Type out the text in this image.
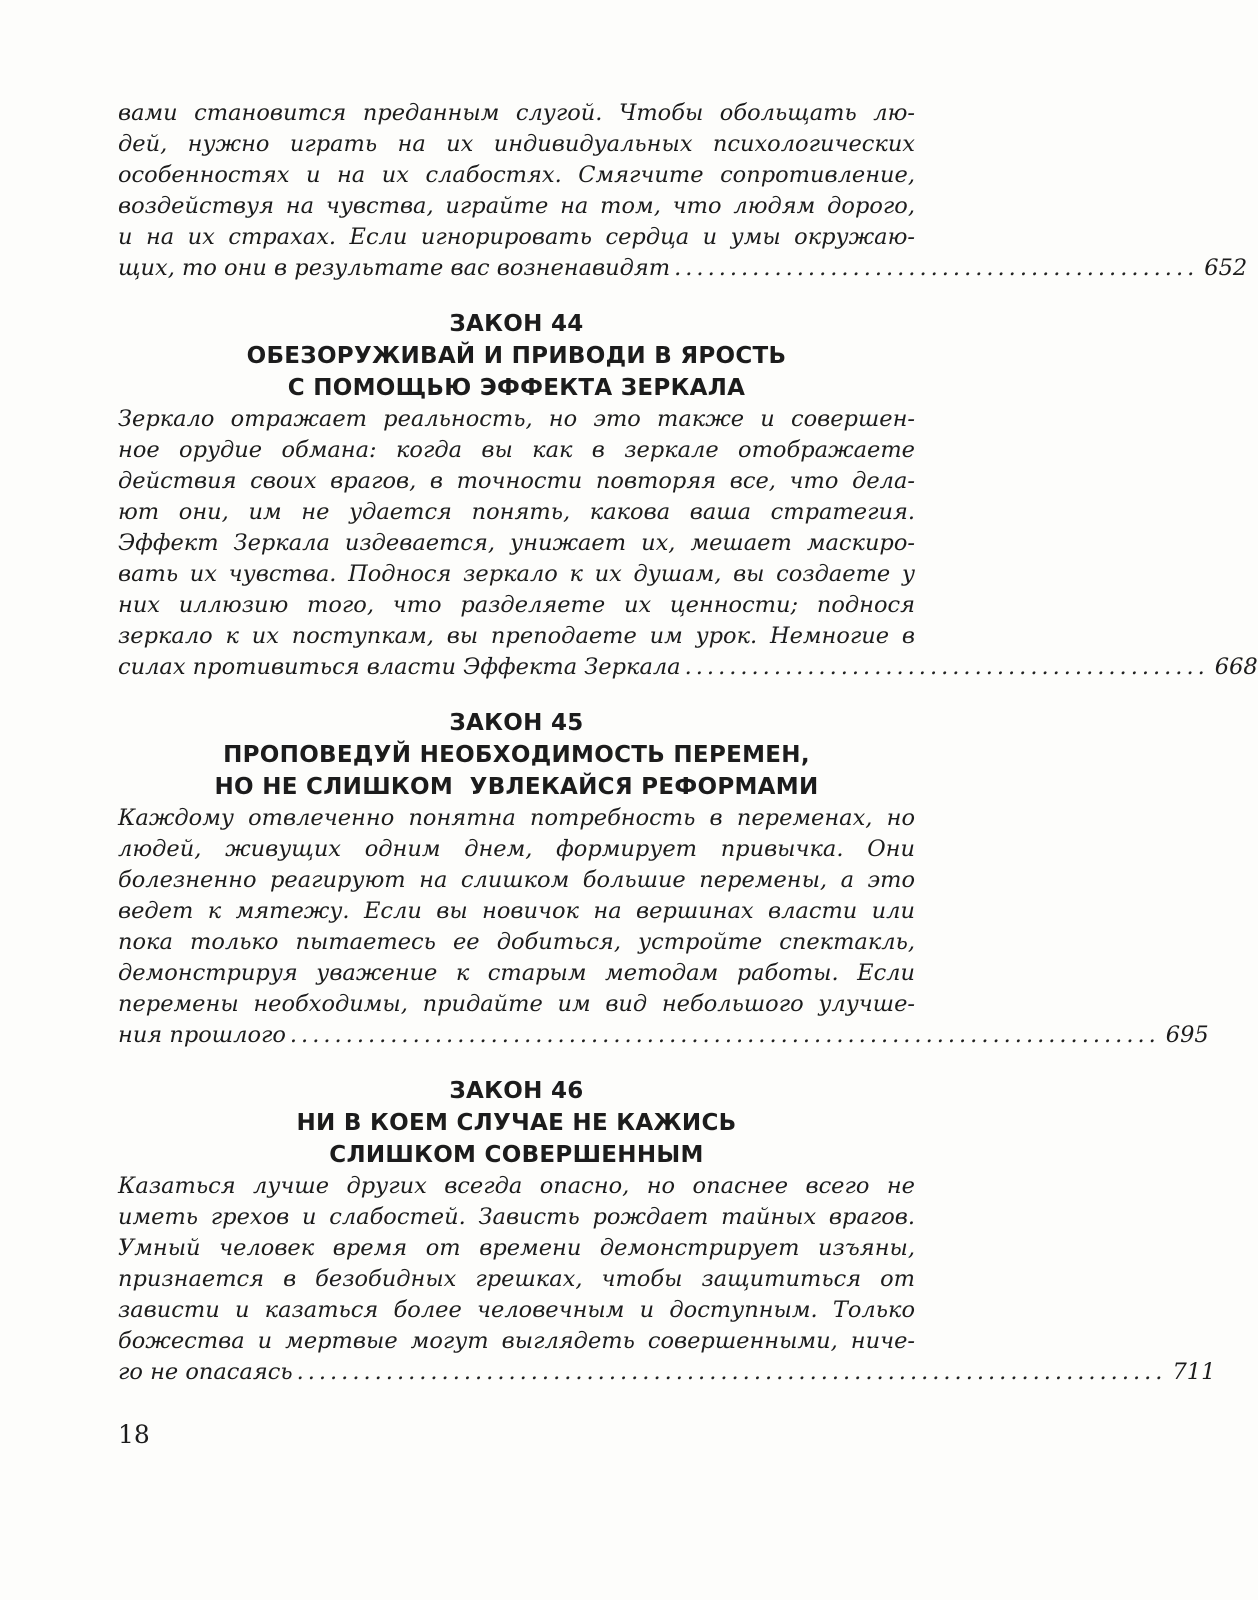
вами становится преданным слугой. Чтобы обольщать лю-
дей, нужно играть на их индивидуальных психологических
особенностях и на их слабостях. Смягчите сопротивление,
воздействуя на чувства, играйте на том, что людям дорого,
и на их страхах. Если игнорировать сердца и умы окружаю-
щих, то они в результате вас возненавидят ............................................... 652

ЗАКОН 44
ОБЕЗОРУЖИВАЙ И ПРИВОДИ В ЯРОСТЬ
С ПОМОЩЬЮ ЭФФЕКТА ЗЕРКАЛА

Зеркало отражает реальность, но это также и совершен-
ное орудие обмана: когда вы как в зеркале отображаете
действия своих врагов, в точности повторяя все, что дела-
ют они, им не удается понять, какова ваша стратегия.
Эффект Зеркала издевается, унижает их, мешает маскиро-
вать их чувства. Поднося зеркало к их душам, вы создаете у
них иллюзию того, что разделяете их ценности; поднося
зеркало к их поступкам, вы преподаете им урок. Немногие в
силах противиться власти Эффекта Зеркала ............................................... 668

ЗАКОН 45
ПРОПОВЕДУЙ НЕОБХОДИМОСТЬ ПЕРЕМЕН,
НО НЕ СЛИШКОМ  УВЛЕКАЙСЯ РЕФОРМАМИ

Каждому отвлеченно понятна потребность в переменах, но
людей, живущих одним днем, формирует привычка. Они
болезненно реагируют на слишком большие перемены, а это
ведет к мятежу. Если вы новичок на вершинах власти или
пока только пытаетесь ее добиться, устройте спектакль,
демонстрируя уважение к старым методам работы. Если
перемены необходимы, придайте им вид небольшого улучше-
ния прошлого .............................................................................. 695

ЗАКОН 46
НИ В КОЕМ СЛУЧАЕ НЕ КАЖИСЬ
СЛИШКОМ СОВЕРШЕННЫМ

Казаться лучше других всегда опасно, но опаснее всего не
иметь грехов и слабостей. Зависть рождает тайных врагов.
Умный человек время от времени демонстрирует изъяны,
признается в безобидных грешках, чтобы защититься от
зависти и казаться более человечным и доступным. Только
божества и мертвые могут выглядеть совершенными, ниче-
го не опасаясь .............................................................................. 711

18
